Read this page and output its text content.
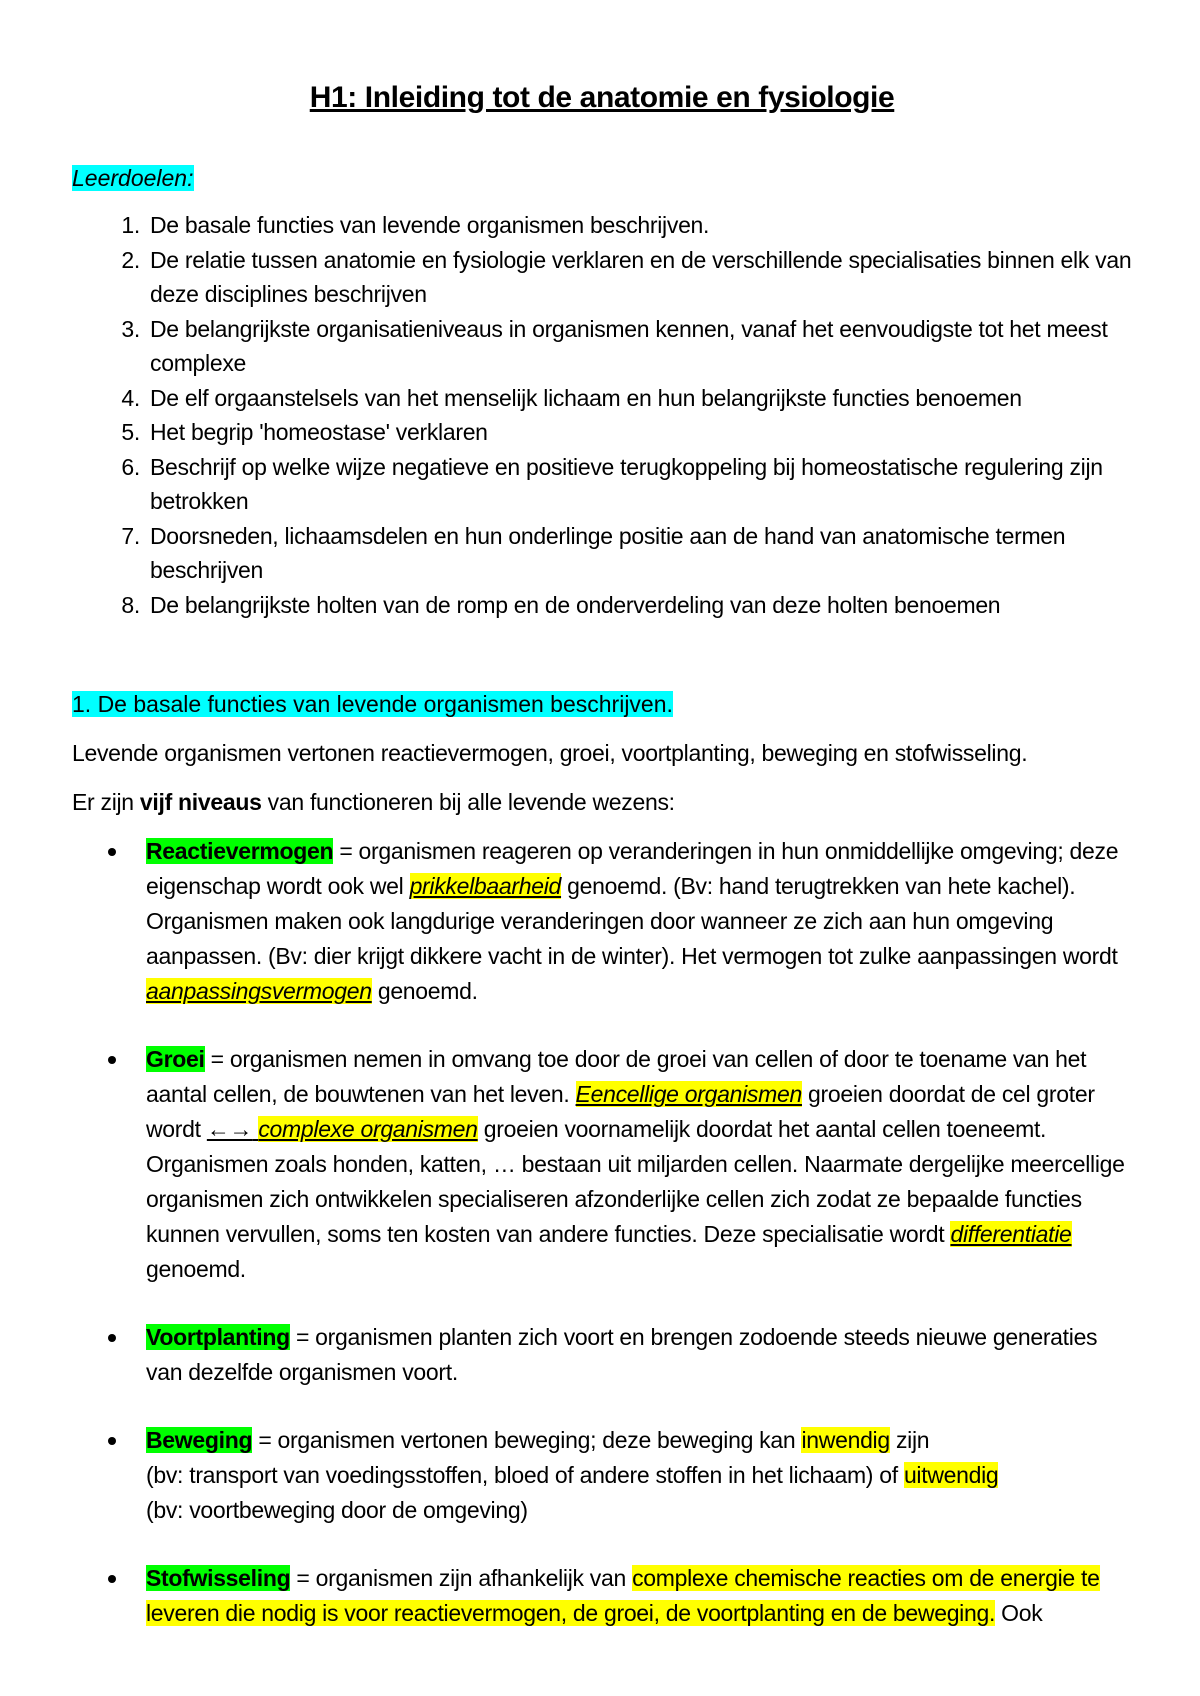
H1: Inleiding tot de anatomie en fysiologie
Leerdoelen:
1. De basale functies van levende organismen beschrijven.
2. De relatie tussen anatomie en fysiologie verklaren en de verschillende specialisaties binnen elk van deze disciplines beschrijven
3. De belangrijkste organisatieniveaus in organismen kennen, vanaf het eenvoudigste tot het meest complexe
4. De elf orgaanstelsels van het menselijk lichaam en hun belangrijkste functies benoemen
5. Het begrip 'homeostase' verklaren
6. Beschrijf op welke wijze negatieve en positieve terugkoppeling bij homeostatische regulering zijn betrokken
7. Doorsneden, lichaamsdelen en hun onderlinge positie aan de hand van anatomische termen beschrijven
8. De belangrijkste holten van de romp en de onderverdeling van deze holten benoemen
1. De basale functies van levende organismen beschrijven.

Levende organismen vertonen reactievermogen, groei, voortplanting, beweging en stofwisseling.

Er zijn vijf niveaus van functioneren bij alle levende wezens:

Reactievermogen = organismen reageren op veranderingen in hun onmiddellijke omgeving; deze eigenschap wordt ook wel prikkelbaarheid genoemd. (Bv: hand terugtrekken van hete kachel). Organismen maken ook langdurige veranderingen door wanneer ze zich aan hun omgeving aanpassen. (Bv: dier krijgt dikkere vacht in de winter). Het vermogen tot zulke aanpassingen wordt aanpassingsvermogen genoemd.
Groei = organismen nemen in omvang toe door de groei van cellen of door te toename van het aantal cellen, de bouwtenen van het leven. Eencellige organismen groeien doordat de cel groter wordt ←→ complexe organismen groeien voornamelijk doordat het aantal cellen toeneemt. Organismen zoals honden, katten, … bestaan uit miljarden cellen. Naarmate dergelijke meercellige organismen zich ontwikkelen specialiseren afzonderlijke cellen zich zodat ze bepaalde functies kunnen vervullen, soms ten kosten van andere functies. Deze specialisatie wordt differentiatie genoemd.
Voortplanting = organismen planten zich voort en brengen zodoende steeds nieuwe generaties van dezelfde organismen voort.
Beweging = organismen vertonen beweging; deze beweging kan inwendig zijn
(bv: transport van voedingsstoffen, bloed of andere stoffen in het lichaam) of uitwendig
(bv: voortbeweging door de omgeving)
Stofwisseling = organismen zijn afhankelijk van complexe chemische reacties om de energie te leveren die nodig is voor reactievermogen, de groei, de voortplanting en de beweging. Ook
